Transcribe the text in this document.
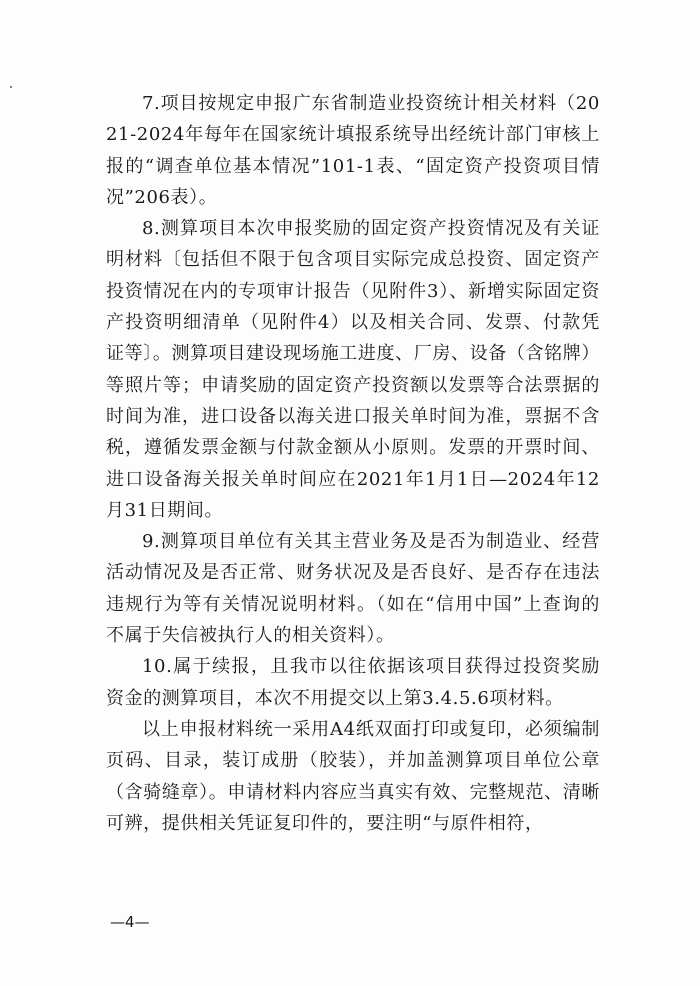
7.项目按规定申报广东省制造业投资统计相关材料（2021-2024年每年在国家统计填报系统导出经统计部门审核上报的“调查单位基本情况”101-1表、“固定资产投资项目情况”206表）。

8.测算项目本次申报奖励的固定资产投资情况及有关证明材料〔包括但不限于包含项目实际完成总投资、固定资产投资情况在内的专项审计报告（见附件3）、新增实际固定资产投资明细清单（见附件4）以及相关合同、发票、付款凭证等〕。测算项目建设现场施工进度、厂房、设备（含铭牌）等照片等；申请奖励的固定资产投资额以发票等合法票据的时间为准，进口设备以海关进口报关单时间为准，票据不含税，遵循发票金额与付款金额从小原则。发票的开票时间、进口设备海关报关单时间应在2021年1月1日—2024年12月31日期间。

9.测算项目单位有关其主营业务及是否为制造业、经营活动情况及是否正常、财务状况及是否良好、是否存在违法违规行为等有关情况说明材料。（如在“信用中国”上查询的不属于失信被执行人的相关资料）。

10.属于续报，且我市以往依据该项目获得过投资奖励资金的测算项目，本次不用提交以上第3.4.5.6项材料。

以上申报材料统一采用A4纸双面打印或复印，必须编制页码、目录，装订成册（胶装），并加盖测算项目单位公章（含骑缝章）。申请材料内容应当真实有效、完整规范、清晰可辨，提供相关凭证复印件的，要注明“与原件相符，

—4—
